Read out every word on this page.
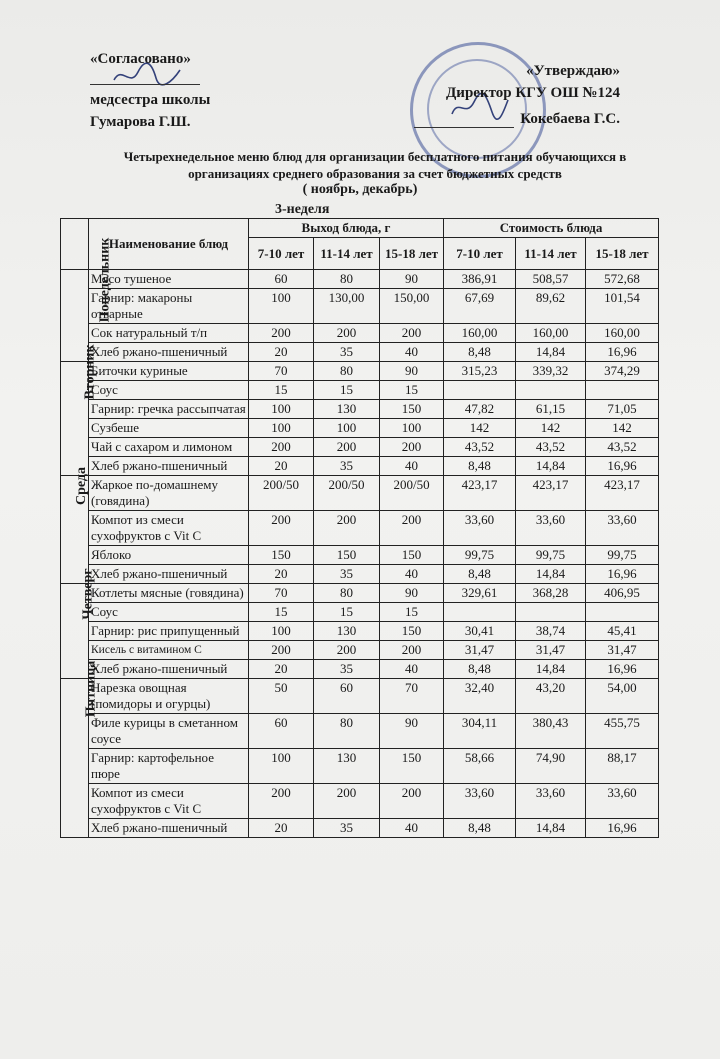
«Согласовано»
медсестра школы
Гумарова Г.Ш.
«Утверждаю»
Директор КГУ ОШ №124
Кокебаева Г.С.
Четырехнедельное меню блюд для организации бесплатного питания обучающихся в организациях среднего образования за счет бюджетных средств
( ноябрь, декабрь)
3-неделя
	Наименование блюд	Выход блюда, г			Стоимость блюда		
		7-10 лет	11-14 лет	15-18 лет	7-10 лет	11-14 лет	15-18 лет
Понедельник	Мясо тушеное	60	80	90	386,91	508,57	572,68
	Гарнир: макароны отварные	100	130,00	150,00	67,69	89,62	101,54
	Сок натуральный т/п	200	200	200	160,00	160,00	160,00
	Хлеб ржано-пшеничный	20	35	40	8,48	14,84	16,96
Вторник	Биточки куриные	70	80	90	315,23	339,32	374,29
	Соус	15	15	15			
	Гарнир: гречка рассыпчатая	100	130	150	47,82	61,15	71,05
	Сузбеше	100	100	100	142	142	142
	Чай с сахаром и лимоном	200	200	200	43,52	43,52	43,52
	Хлеб ржано-пшеничный	20	35	40	8,48	14,84	16,96
Среда	Жаркое по-домашнему (говядина)	200/50	200/50	200/50	423,17	423,17	423,17
	Компот из смеси сухофруктов с Vit C	200	200	200	33,60	33,60	33,60
	Яблоко	150	150	150	99,75	99,75	99,75
	Хлеб ржано-пшеничный	20	35	40	8,48	14,84	16,96
Четверг	Котлеты мясные (говядина)	70	80	90	329,61	368,28	406,95
	Соус	15	15	15			
	Гарнир: рис припущенный	100	130	150	30,41	38,74	45,41
	Кисель с витамином С	200	200	200	31,47	31,47	31,47
	Хлеб ржано-пшеничный	20	35	40	8,48	14,84	16,96
Пятница	Нарезка овощная (помидоры и огурцы)	50	60	70	32,40	43,20	54,00
	Филе курицы в сметанном соусе	60	80	90	304,11	380,43	455,75
	Гарнир: картофельное пюре	100	130	150	58,66	74,90	88,17
	Компот из смеси сухофруктов с Vit C	200	200	200	33,60	33,60	33,60
	Хлеб ржано-пшеничный	20	35	40	8,48	14,84	16,96
